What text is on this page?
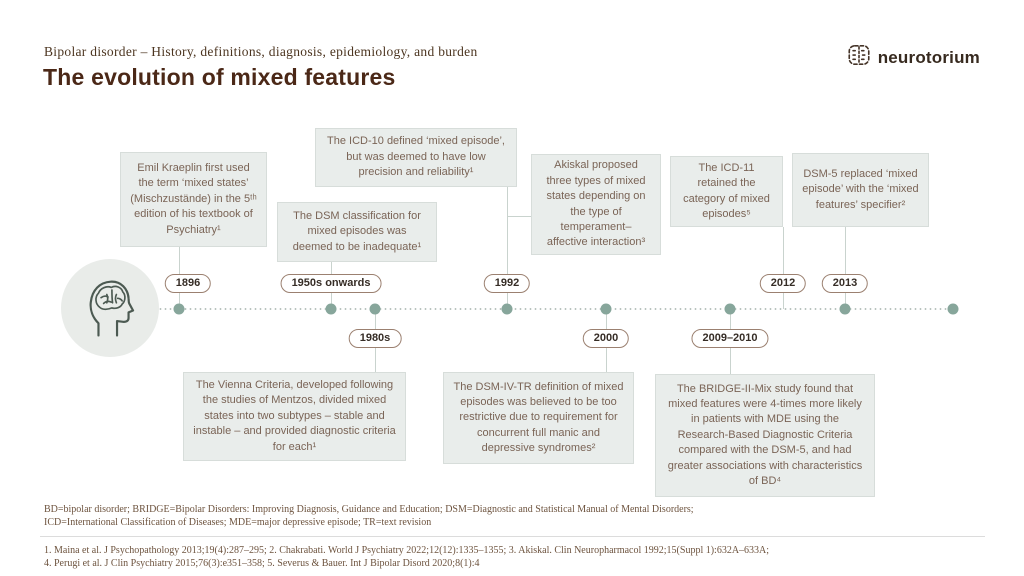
Bipolar disorder – History, definitions, diagnosis, epidemiology, and burden
The evolution of mixed features
neurotorium
1896	1950s onwards	1992	2012	2013
1980s	2000	2009–2010
Emil Kraeplin first used the term ‘mixed states’ (Mischzustände) in the 5ᵗʰ edition of his textbook of Psychiatry¹
The ICD-10 defined ‘mixed episode’, but was deemed to have low precision and reliability¹
The DSM classification for mixed episodes was deemed to be inadequate¹
Akiskal proposed three types of mixed states depending on the type of temperament–affective interaction³
The ICD-11 retained the category of mixed episodes⁵
DSM-5 replaced ‘mixed episode’ with the ‘mixed features’ specifier²
The Vienna Criteria, developed following the studies of Mentzos, divided mixed states into two subtypes – stable and instable – and provided diagnostic criteria for each¹
The DSM-IV-TR definition of mixed episodes was believed to be too restrictive due to requirement for concurrent full manic and depressive syndromes²
The BRIDGE-II-Mix study found that mixed features were 4-times more likely in patients with MDE using the Research-Based Diagnostic Criteria compared with the DSM-5, and had greater associations with characteristics of BD⁴
BD=bipolar disorder; BRIDGE=Bipolar Disorders: Improving Diagnosis, Guidance and Education; DSM=Diagnostic and Statistical Manual of Mental Disorders;
ICD=International Classification of Diseases; MDE=major depressive episode; TR=text revision
1. Maina et al. J Psychopathology 2013;19(4):287–295; 2. Chakrabati. World J Psychiatry 2022;12(12):1335–1355; 3. Akiskal. Clin Neuropharmacol 1992;15(Suppl 1):632A–633A;
4. Perugi et al. J Clin Psychiatry 2015;76(3):e351–358; 5. Severus & Bauer. Int J Bipolar Disord 2020;8(1):4
